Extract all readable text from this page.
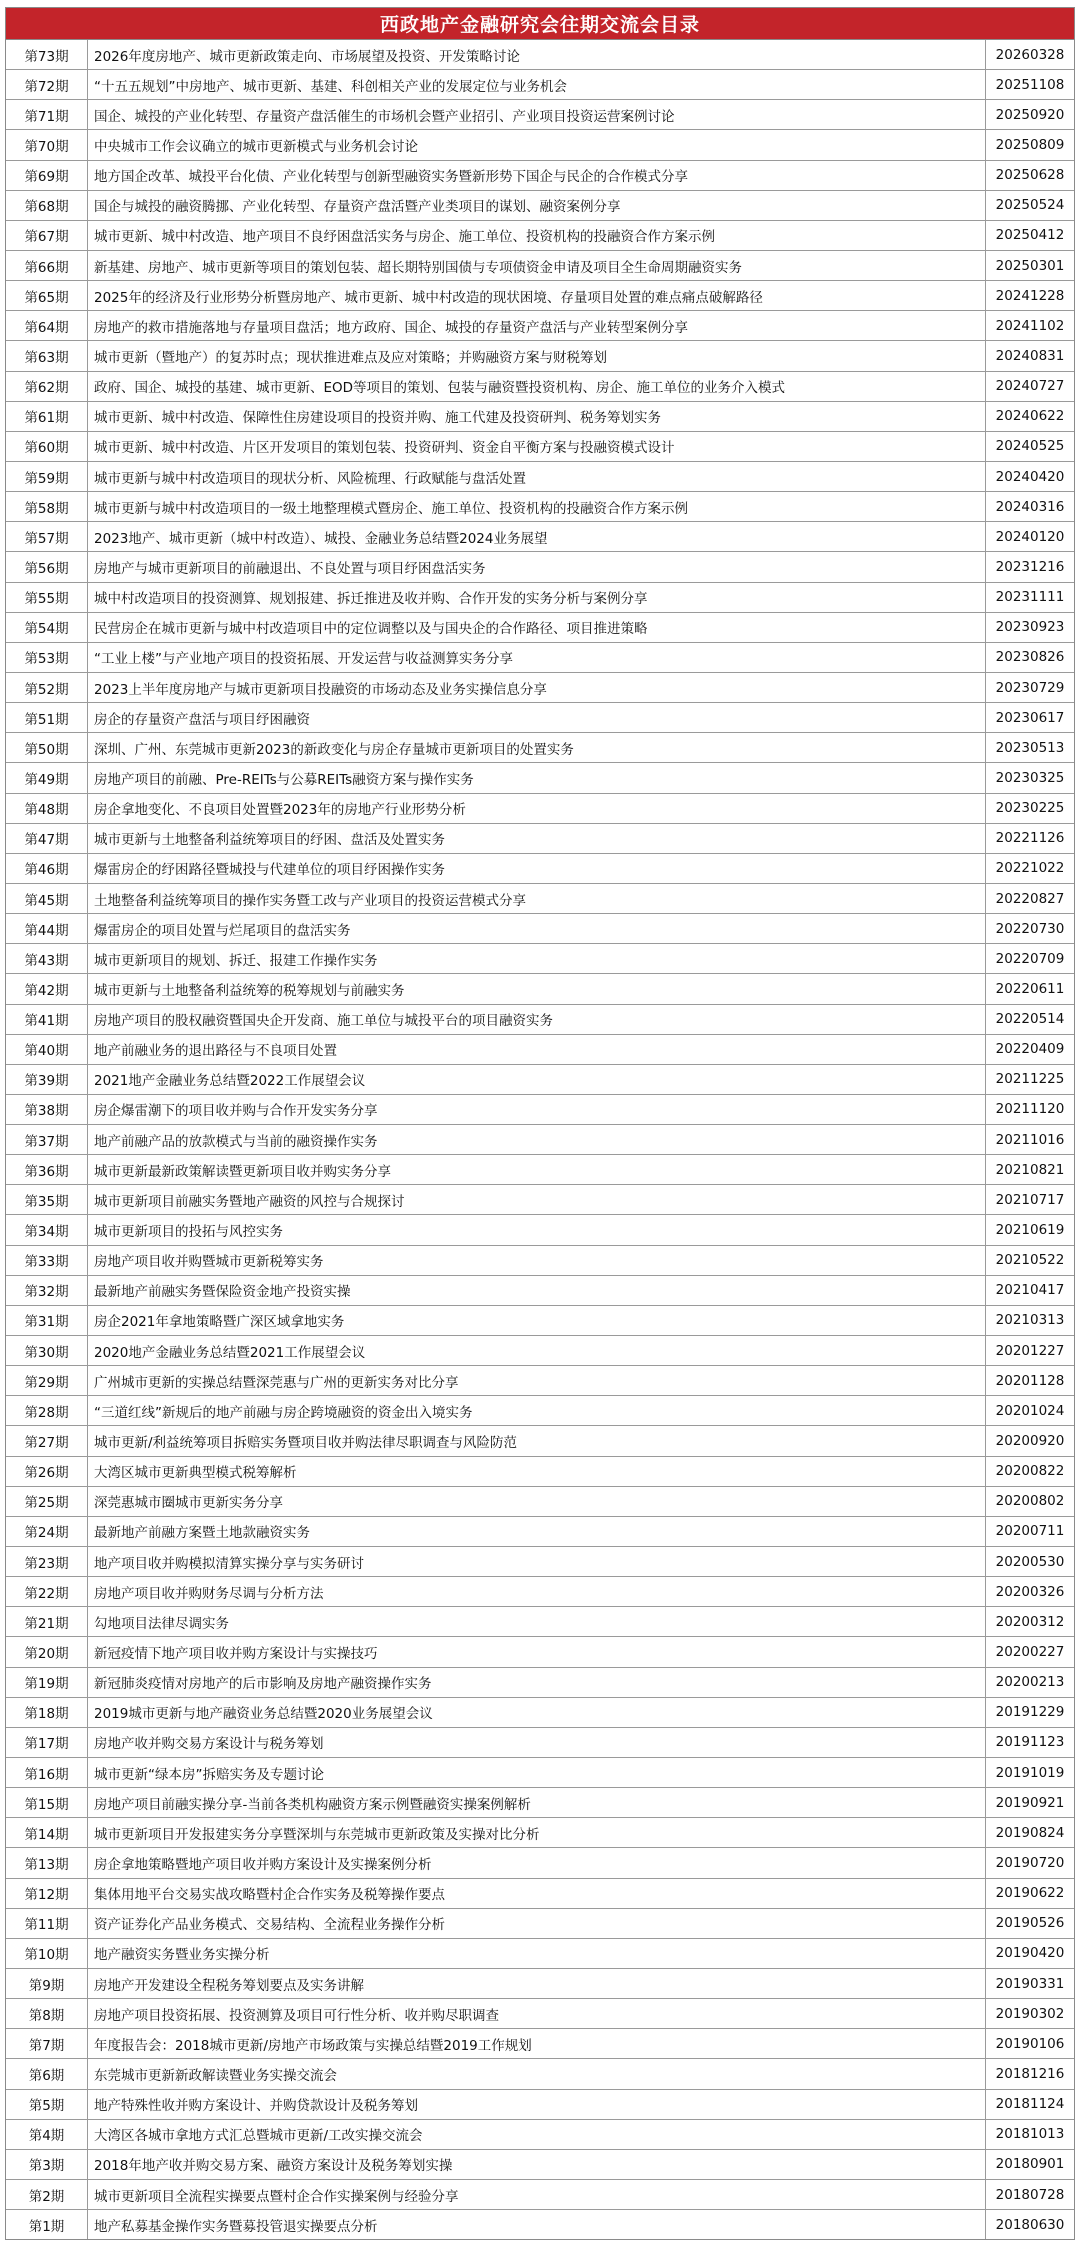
西政地产金融研究会往期交流会目录
第73期	2026年度房地产、城市更新政策走向、市场展望及投资、开发策略讨论	20260328
第72期	“十五五规划”中房地产、城市更新、基建、科创相关产业的发展定位与业务机会	20251108
第71期	国企、城投的产业化转型、存量资产盘活催生的市场机会暨产业招引、产业项目投资运营案例讨论	20250920
第70期	中央城市工作会议确立的城市更新模式与业务机会讨论	20250809
第69期	地方国企改革、城投平台化债、产业化转型与创新型融资实务暨新形势下国企与民企的合作模式分享	20250628
第68期	国企与城投的融资腾挪、产业化转型、存量资产盘活暨产业类项目的谋划、融资案例分享	20250524
第67期	城市更新、城中村改造、地产项目不良纾困盘活实务与房企、施工单位、投资机构的投融资合作方案示例	20250412
第66期	新基建、房地产、城市更新等项目的策划包装、超长期特别国债与专项债资金申请及项目全生命周期融资实务	20250301
第65期	2025年的经济及行业形势分析暨房地产、城市更新、城中村改造的现状困境、存量项目处置的难点痛点破解路径	20241228
第64期	房地产的救市措施落地与存量项目盘活；地方政府、国企、城投的存量资产盘活与产业转型案例分享	20241102
第63期	城市更新（暨地产）的复苏时点；现状推进难点及应对策略；并购融资方案与财税筹划	20240831
第62期	政府、国企、城投的基建、城市更新、EOD等项目的策划、包装与融资暨投资机构、房企、施工单位的业务介入模式	20240727
第61期	城市更新、城中村改造、保障性住房建设项目的投资并购、施工代建及投资研判、税务筹划实务	20240622
第60期	城市更新、城中村改造、片区开发项目的策划包装、投资研判、资金自平衡方案与投融资模式设计	20240525
第59期	城市更新与城中村改造项目的现状分析、风险梳理、行政赋能与盘活处置	20240420
第58期	城市更新与城中村改造项目的一级土地整理模式暨房企、施工单位、投资机构的投融资合作方案示例	20240316
第57期	2023地产、城市更新（城中村改造）、城投、金融业务总结暨2024业务展望	20240120
第56期	房地产与城市更新项目的前融退出、不良处置与项目纾困盘活实务	20231216
第55期	城中村改造项目的投资测算、规划报建、拆迁推进及收并购、合作开发的实务分析与案例分享	20231111
第54期	民营房企在城市更新与城中村改造项目中的定位调整以及与国央企的合作路径、项目推进策略	20230923
第53期	“工业上楼”与产业地产项目的投资拓展、开发运营与收益测算实务分享	20230826
第52期	2023上半年度房地产与城市更新项目投融资的市场动态及业务实操信息分享	20230729
第51期	房企的存量资产盘活与项目纾困融资	20230617
第50期	深圳、广州、东莞城市更新2023的新政变化与房企存量城市更新项目的处置实务	20230513
第49期	房地产项目的前融、Pre-REITs与公募REITs融资方案与操作实务	20230325
第48期	房企拿地变化、不良项目处置暨2023年的房地产行业形势分析	20230225
第47期	城市更新与土地整备利益统筹项目的纾困、盘活及处置实务	20221126
第46期	爆雷房企的纾困路径暨城投与代建单位的项目纾困操作实务	20221022
第45期	土地整备利益统筹项目的操作实务暨工改与产业项目的投资运营模式分享	20220827
第44期	爆雷房企的项目处置与烂尾项目的盘活实务	20220730
第43期	城市更新项目的规划、拆迁、报建工作操作实务	20220709
第42期	城市更新与土地整备利益统筹的税筹规划与前融实务	20220611
第41期	房地产项目的股权融资暨国央企开发商、施工单位与城投平台的项目融资实务	20220514
第40期	地产前融业务的退出路径与不良项目处置	20220409
第39期	2021地产金融业务总结暨2022工作展望会议	20211225
第38期	房企爆雷潮下的项目收并购与合作开发实务分享	20211120
第37期	地产前融产品的放款模式与当前的融资操作实务	20211016
第36期	城市更新最新政策解读暨更新项目收并购实务分享	20210821
第35期	城市更新项目前融实务暨地产融资的风控与合规探讨	20210717
第34期	城市更新项目的投拓与风控实务	20210619
第33期	房地产项目收并购暨城市更新税筹实务	20210522
第32期	最新地产前融实务暨保险资金地产投资实操	20210417
第31期	房企2021年拿地策略暨广深区域拿地实务	20210313
第30期	2020地产金融业务总结暨2021工作展望会议	20201227
第29期	广州城市更新的实操总结暨深莞惠与广州的更新实务对比分享	20201128
第28期	“三道红线”新规后的地产前融与房企跨境融资的资金出入境实务	20201024
第27期	城市更新/利益统筹项目拆赔实务暨项目收并购法律尽职调查与风险防范	20200920
第26期	大湾区城市更新典型模式税筹解析	20200822
第25期	深莞惠城市圈城市更新实务分享	20200802
第24期	最新地产前融方案暨土地款融资实务	20200711
第23期	地产项目收并购模拟清算实操分享与实务研讨	20200530
第22期	房地产项目收并购财务尽调与分析方法	20200326
第21期	勾地项目法律尽调实务	20200312
第20期	新冠疫情下地产项目收并购方案设计与实操技巧	20200227
第19期	新冠肺炎疫情对房地产的后市影响及房地产融资操作实务	20200213
第18期	2019城市更新与地产融资业务总结暨2020业务展望会议	20191229
第17期	房地产收并购交易方案设计与税务筹划	20191123
第16期	城市更新“绿本房”拆赔实务及专题讨论	20191019
第15期	房地产项目前融实操分享-当前各类机构融资方案示例暨融资实操案例解析	20190921
第14期	城市更新项目开发报建实务分享暨深圳与东莞城市更新政策及实操对比分析	20190824
第13期	房企拿地策略暨地产项目收并购方案设计及实操案例分析	20190720
第12期	集体用地平台交易实战攻略暨村企合作实务及税筹操作要点	20190622
第11期	资产证券化产品业务模式、交易结构、全流程业务操作分析	20190526
第10期	地产融资实务暨业务实操分析	20190420
第9期	房地产开发建设全程税务筹划要点及实务讲解	20190331
第8期	房地产项目投资拓展、投资测算及项目可行性分析、收并购尽职调查	20190302
第7期	年度报告会：2018城市更新/房地产市场政策与实操总结暨2019工作规划	20190106
第6期	东莞城市更新新政解读暨业务实操交流会	20181216
第5期	地产特殊性收并购方案设计、并购贷款设计及税务筹划	20181124
第4期	大湾区各城市拿地方式汇总暨城市更新/工改实操交流会	20181013
第3期	2018年地产收并购交易方案、融资方案设计及税务筹划实操	20180901
第2期	城市更新项目全流程实操要点暨村企合作实操案例与经验分享	20180728
第1期	地产私募基金操作实务暨募投管退实操要点分析	20180630
